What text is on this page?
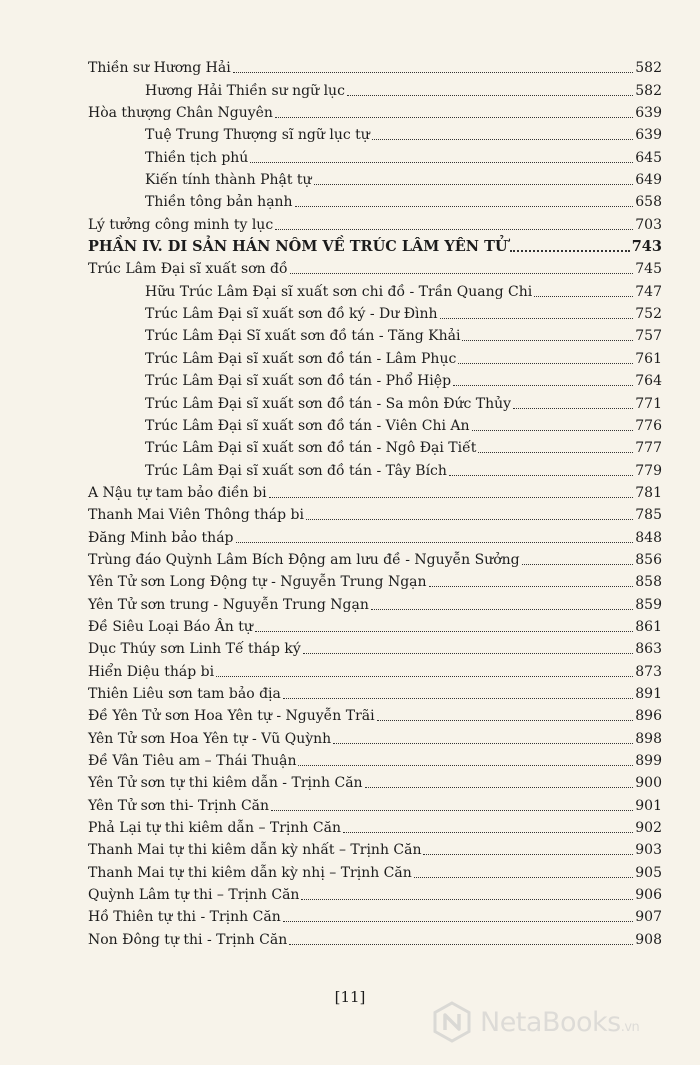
Thiền sư Hương Hải	582
Hương Hải Thiền sư ngữ lục	582
Hòa thượng Chân Nguyên	639
Tuệ Trung Thượng sĩ ngữ lục tự	639
Thiền tịch phú	645
Kiến tính thành Phật tự	649
Thiền tông bản hạnh	658
Lý tưởng công minh ty lục	703
PHẦN IV. DI SẢN HÁN NÔM VỀ TRÚC LÂM YÊN TỬ	743
Trúc Lâm Đại sĩ xuất sơn đồ	745
Hữu Trúc Lâm Đại sĩ xuất sơn chi đồ - Trần Quang Chi	747
Trúc Lâm Đại sĩ xuất sơn đồ ký - Dư Đình	752
Trúc Lâm Đại Sĩ xuất sơn đồ tán - Tăng Khải	757
Trúc Lâm Đại sĩ xuất sơn đồ tán - Lâm Phục	761
Trúc Lâm Đại sĩ xuất sơn đồ tán - Phổ Hiệp	764
Trúc Lâm Đại sĩ xuất sơn đồ tán - Sa môn Đức Thủy	771
Trúc Lâm Đại sĩ xuất sơn đồ tán - Viên Chi An	776
Trúc Lâm Đại sĩ xuất sơn đồ tán - Ngô Đại Tiết	777
Trúc Lâm Đại sĩ xuất sơn đồ tán - Tây Bích	779
A Nậu tự tam bảo điền bi	781
Thanh Mai Viên Thông tháp bi	785
Đăng Minh bảo tháp	848
Trùng đáo Quỳnh Lâm Bích Động am lưu đề - Nguyễn Sưởng	856
Yên Tử sơn Long Động tự - Nguyễn Trung Ngạn	858
Yên Tử sơn trung - Nguyễn Trung Ngạn	859
Đề Siêu Loại Báo Ân tự	861
Dục Thúy sơn Linh Tế tháp ký	863
Hiển Diệu tháp bi	873
Thiên Liêu sơn tam bảo địa	891
Đề Yên Tử sơn Hoa Yên tự - Nguyễn Trãi	896
Yên Tử sơn Hoa Yên tự - Vũ Quỳnh	898
Đề Vân Tiêu am – Thái Thuận	899
Yên Tử sơn tự thi kiêm dẫn - Trịnh Căn	900
Yên Tử sơn thi- Trịnh Căn	901
Phả Lại tự thi kiêm dẫn – Trịnh Căn	902
Thanh Mai tự thi kiêm dẫn kỳ nhất – Trịnh Căn	903
Thanh Mai tự thi kiêm dẫn kỳ nhị – Trịnh Căn	905
Quỳnh Lâm tự thi – Trịnh Căn	906
Hồ Thiên tự thi - Trịnh Căn	907
Non Đông tự thi - Trịnh Căn	908
[11]
NetaBooks.vn
